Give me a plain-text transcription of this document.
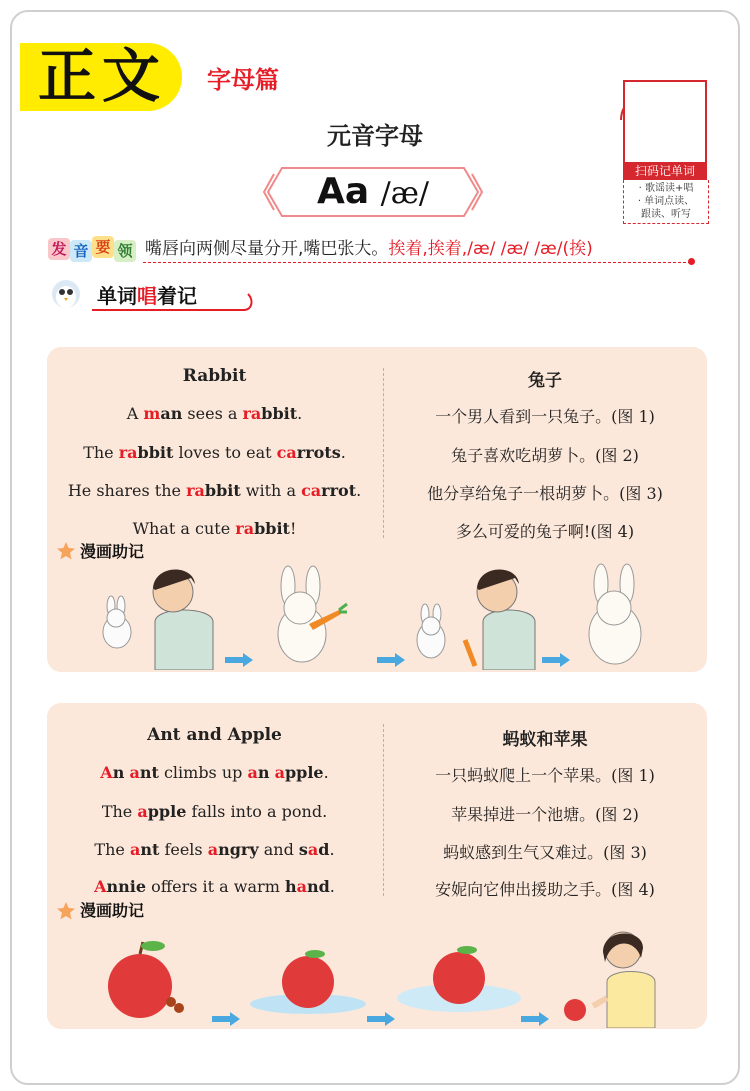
正文 字母篇
元音字母
Aa /æ/
扫码记单词
· 歌谣读+唱
· 单词点读、
跟读、听写
发 音 要 领 嘴唇向两侧尽量分开,嘴巴张大。挨着,挨着,/æ/ /æ/ /æ/(挨)
单词唱着记
Rabbit	兔子
A man sees a rabbit.	一个男人看到一只兔子。(图 1)
The rabbit loves to eat carrots.	兔子喜欢吃胡萝卜。(图 2)
He shares the rabbit with a carrot.	他分享给兔子一根胡萝卜。(图 3)
What a cute rabbit!	多么可爱的兔子啊!(图 4)
漫画助记
Ant and Apple	蚂蚁和苹果
An ant climbs up an apple.	一只蚂蚁爬上一个苹果。(图 1)
The apple falls into a pond.	苹果掉进一个池塘。(图 2)
The ant feels angry and sad.	蚂蚁感到生气又难过。(图 3)
Annie offers it a warm hand.	安妮向它伸出援助之手。(图 4)
漫画助记
